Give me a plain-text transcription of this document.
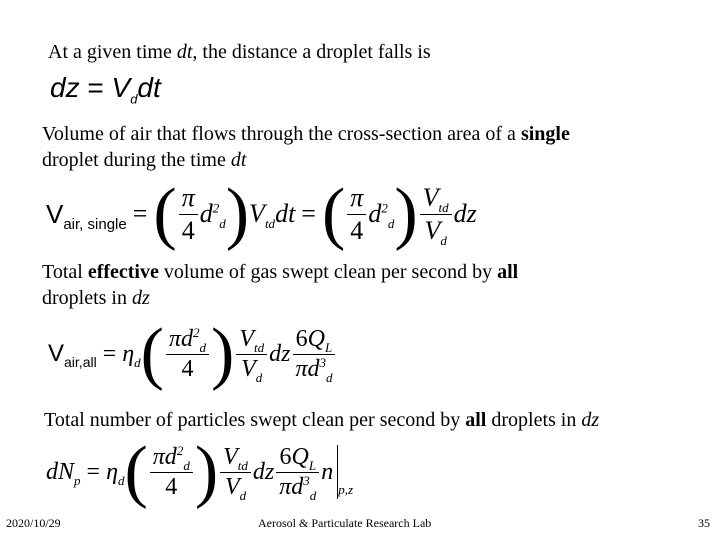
At a given time dt, the distance a droplet falls is
dz = $V_ddt$
Volume of air that flows through the cross-section area of a single
droplet during the time dt
$V_{air, single}$ = ( $\frac{\pi}{4} d^2_d$ ) $V_{td}dt$ = ( $\frac{\pi}{4} d^2_d$ ) $\frac{V_{td}}{V_d}$ dz
Total effective volume of gas swept clean per second by all
droplets in dz
$V_{air,all} = \eta_d$ ( $\frac{\pi d^2_d}{4}$ ) $\frac{V_{td}}{V_d}$ dz $\frac{6Q_L}{\pi d^3_d}$
Total number of particles swept clean per second by all droplets in dz
$dN_p = \eta_d$ ( $\frac{\pi d^2_d}{4}$ ) $\frac{V_{td}}{V_d}$ dz $\frac{6Q_L}{\pi d^3_d}$ n
p,z
2020/10/29	Aerosol & Particulate Research Lab	35
